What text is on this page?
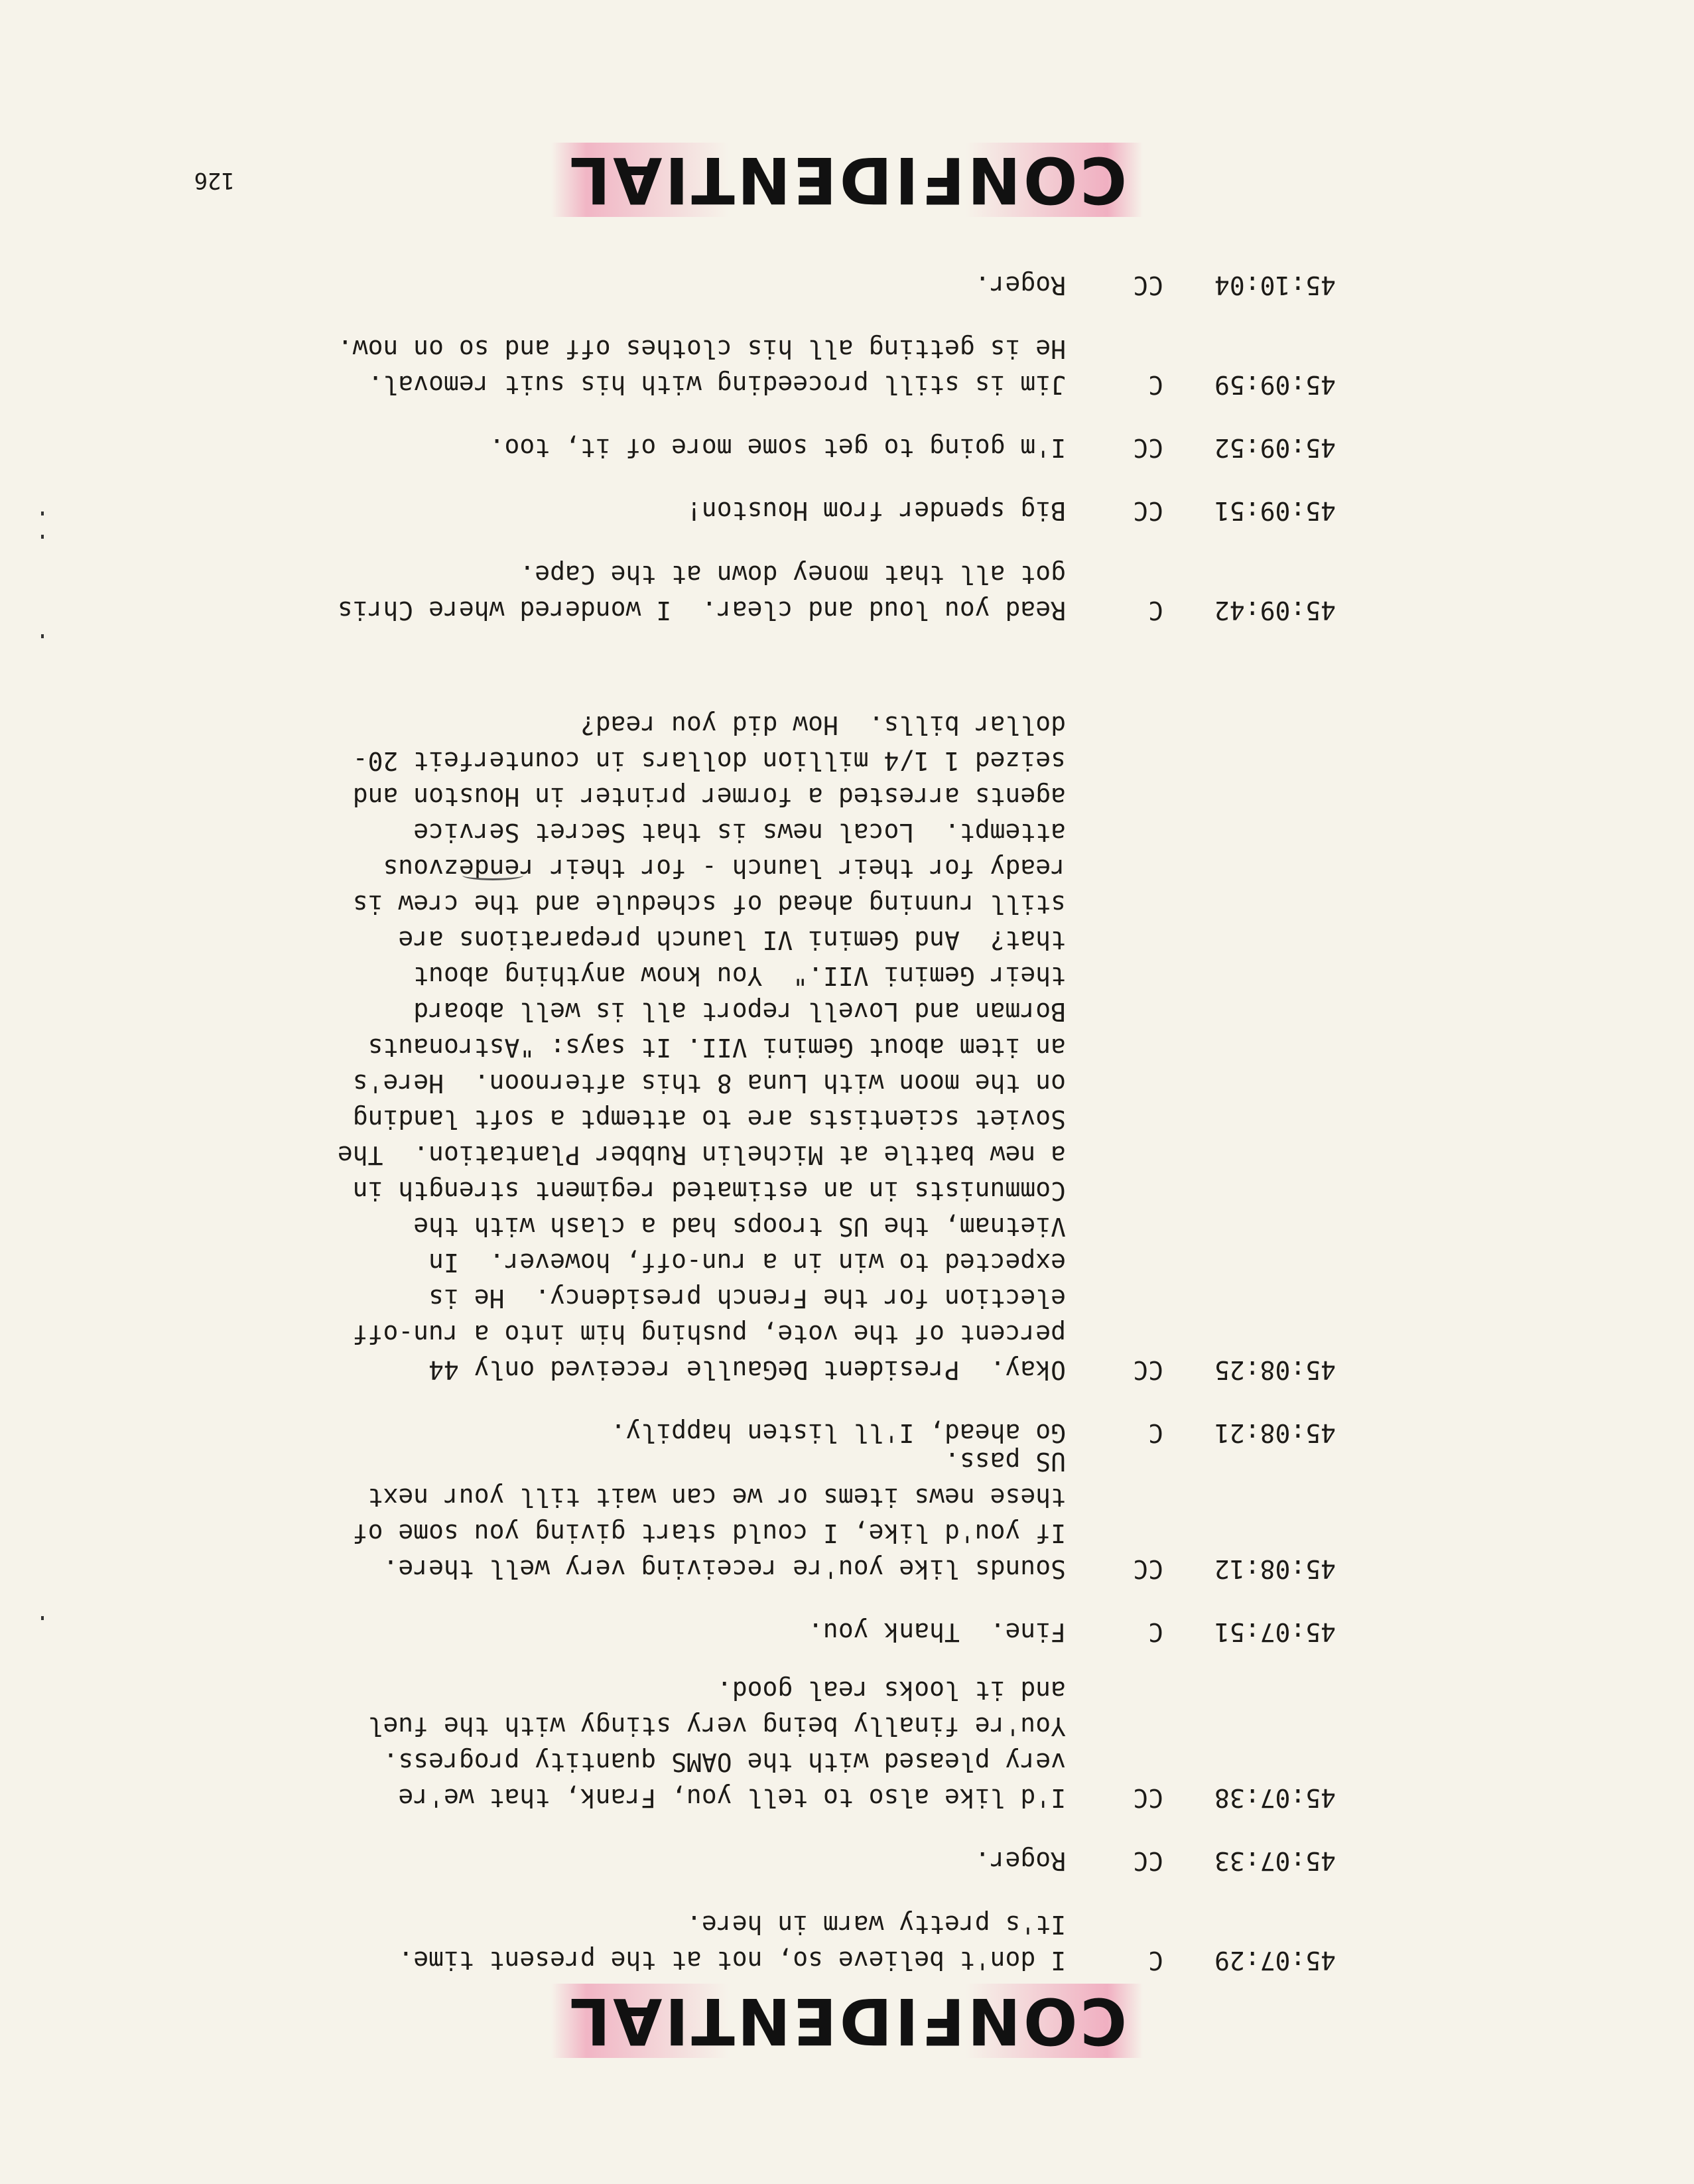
CONFIDENTIAL
126
45:07:29
C

I don't believe so, not at the present time.  It's pretty warm in here.

45:07:33
CC

Roger.

45:07:38
CC

I'd like also to tell you, Frank, that we're very pleased with the OAMS quantity progress.  You're finally being very stingy with the fuel and it looks real good.

45:07:51
C

Fine.  Thank you.

45:08:12
CC

Sounds like you're receiving very well there.  If you'd like, I could start giving you some of these news items or we can wait till your next US pass.

45:08:21
C

Go ahead, I'll listen happily.

45:08:25
CC

Okay.  President DeGaulle received only 44 percent of the vote, pushing him into a run-off election for the French presidency.  He is expected to win in a run-off, however.  In Vietnam, the US troops had a clash with the Communists in an estimated regiment strength in a new battle at Michelin Rubber Plantation.  The Soviet scientists are to attempt a soft landing on the moon with Luna 8 this afternoon.  Here's an item about Gemini VII. It says: "Astronauts Borman and Lovell report all is well aboard their Gemini VII."  You know anything about that?  And Gemini VI launch preparations are still running ahead of schedule and the crew is ready for their launch - for their rendezvous attempt.  Local news is that Secret Service agents arrested a former printer in Houston and seized 1 1/4 million dollars in counterfeit 20-dollar bills.  How did you read?

45:09:42
C

Read you loud and clear.  I wondered where Chris got all that money down at the Cape.

45:09:51
CC

Big spender from Houston!

45:09:52
CC

I'm going to get some more of it, too.

45:09:59
C

Jim is still proceeding with his suit removal.  He is getting all his clothes off and so on now.

45:10:04
CC

Roger.

CONFIDENTIAL
